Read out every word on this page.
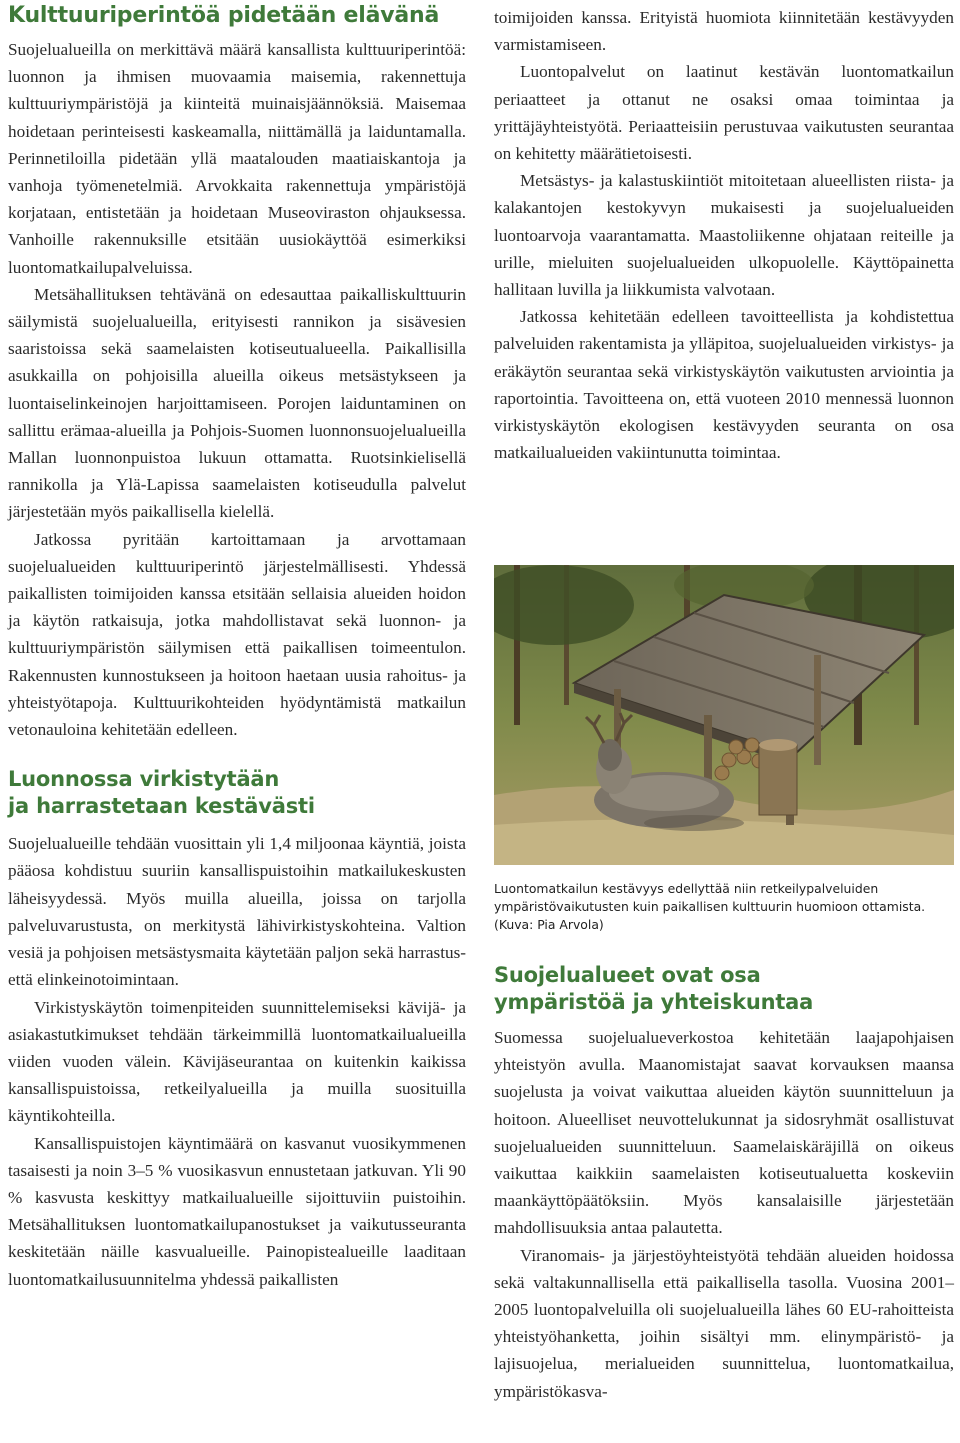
Kulttuuriperintöä pidetään elävänä

Suojelualueilla on merkittävä määrä kansallista kulttuuriperintöä: luonnon ja ihmisen muovaamia maisemia, rakennettuja kulttuuriympäristöjä ja kiinteitä muinaisjäännöksiä. Maisemaa hoidetaan perinteisesti kaskeamalla, niittämällä ja laiduntamalla. Perinnetiloilla pidetään yllä maatalouden maatiaiskantoja ja vanhoja työmenetelmiä. Arvokkaita rakennettuja ympäristöjä korjataan, entistetään ja hoidetaan Museoviraston ohjauksessa. Vanhoille rakennuksille etsitään uusiokäyttöä esimerkiksi luontomatkailupalveluissa.

Metsähallituksen tehtävänä on edesauttaa paikalliskulttuurin säilymistä suojelualueilla, erityisesti rannikon ja sisävesien saaristoissa sekä saamelaisten kotiseutualueella. Paikallisilla asukkailla on pohjoisilla alueilla oikeus metsästykseen ja luontaiselinkeinojen harjoittamiseen. Porojen laiduntaminen on sallittu erämaa-alueilla ja Pohjois-Suomen luonnonsuojelualueilla Mallan luonnonpuistoa lukuun ottamatta. Ruotsinkielisellä rannikolla ja Ylä-Lapissa saamelaisten kotiseudulla palvelut järjestetään myös paikallisella kielellä.

Jatkossa pyritään kartoittamaan ja arvottamaan suojelualueiden kulttuuriperintö järjestelmällisesti. Yhdessä paikallisten toimijoiden kanssa etsitään sellaisia alueiden hoidon ja käytön ratkaisuja, jotka mahdollistavat sekä luonnon- ja kulttuuriympäristön säilymisen että paikallisen toimeentulon. Rakennusten kunnostukseen ja hoitoon haetaan uusia rahoitus- ja yhteistyötapoja. Kulttuurikohteiden hyödyntämistä matkailun vetonauloina kehitetään edelleen.

Luonnossa virkistytään
ja harrastetaan kestävästi

Suojelualueille tehdään vuosittain yli 1,4 miljoonaa käyntiä, joista pääosa kohdistuu suuriin kansallispuistoihin matkailukeskusten läheisyydessä. Myös muilla alueilla, joissa on tarjolla palveluvarustusta, on merkitystä lähivirkistyskohteina. Valtion vesiä ja pohjoisen metsästysmaita käytetään paljon sekä harrastus- että elinkeinotoimintaan.

Virkistyskäytön toimenpiteiden suunnittelemiseksi kävijä- ja asiakastutkimukset tehdään tärkeimmillä luontomatkailualueilla viiden vuoden välein. Kävijäseurantaa on kuitenkin kaikissa kansallispuistoissa, retkeilyalueilla ja muilla suosituilla käyntikohteilla.

Kansallispuistojen käyntimäärä on kasvanut vuosikymmenen tasaisesti ja noin 3–5 % vuosikasvun ennustetaan jatkuvan. Yli 90 % kasvusta keskittyy matkailualueille sijoittuviin puistoihin. Metsähallituksen luontomatkailupanostukset ja vaikutusseuranta keskitetään näille kasvualueille. Painopistealueille laaditaan luontomatkailusuunnitelma yhdessä paikallisten

toimijoiden kanssa. Erityistä huomiota kiinnitetään kestävyyden varmistamiseen.

Luontopalvelut on laatinut kestävän luontomatkailun periaatteet ja ottanut ne osaksi omaa toimintaa ja yrittäjäyhteistyötä. Periaatteisiin perustuvaa vaikutusten seurantaa on kehitetty määrätietoisesti.

Metsästys- ja kalastuskiintiöt mitoitetaan alueellisten riista- ja kalakantojen kestokyvyn mukaisesti ja suojelualueiden luontoarvoja vaarantamatta. Maastoliikenne ohjataan reiteille ja urille, mieluiten suojelualueiden ulkopuolelle. Käyttöpainetta hallitaan luvilla ja liikkumista valvotaan.

Jatkossa kehitetään edelleen tavoitteellista ja kohdistettua palveluiden rakentamista ja ylläpitoa, suojelualueiden virkistys- ja eräkäytön seurantaa sekä virkistyskäytön vaikutusten arviointia ja raportointia. Tavoitteena on, että vuoteen 2010 mennessä luonnon virkistyskäytön ekologisen kestävyyden seuranta on osa matkailualueiden vakiintunutta toimintaa.

Luontomatkailun kestävyys edellyttää niin retkeilypalveluiden ympäristövaikutusten kuin paikallisen kulttuurin huomioon ottamista. (Kuva: Pia Arvola)
Suojelualueet ovat osa
ympäristöä ja yhteiskuntaa

Suomessa suojelualueverkostoa kehitetään laajapohjaisen yhteistyön avulla. Maanomistajat saavat korvauksen maansa suojelusta ja voivat vaikuttaa alueiden käytön suunnitteluun ja hoitoon. Alueelliset neuvottelukunnat ja sidosryhmät osallistuvat suojelualueiden suunnitteluun. Saamelaiskäräjillä on oikeus vaikuttaa kaikkiin saamelaisten kotiseutualuetta koskeviin maankäyttöpäätöksiin. Myös kansalaisille järjestetään mahdollisuuksia antaa palautetta.

Viranomais- ja järjestöyhteistyötä tehdään alueiden hoidossa sekä valtakunnallisella että paikallisella tasolla. Vuosina 2001–2005 luontopalveluilla oli suojelualueilla lähes 60 EU-rahoitteista yhteistyöhanketta, joihin sisältyi mm. elinympäristö- ja lajisuojelua, merialueiden suunnittelua, luontomatkailua, ympäristökasva-
